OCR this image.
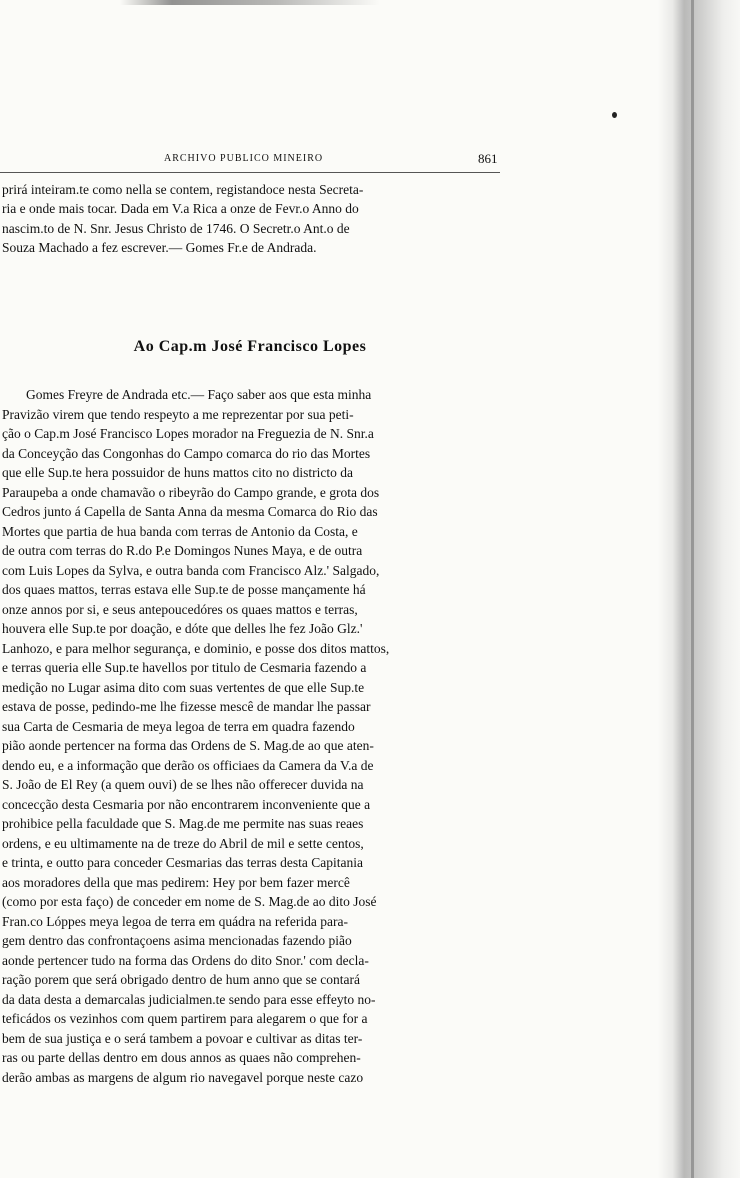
ARCHIVO PUBLICO MINEIRO	861
prirá inteiram.te como nella se contem, registandoce nesta Secreta-
ria e onde mais tocar. Dada em V.a Rica a onze de Fevr.o Anno do
nascim.to de N. Snr. Jesus Christo de 1746. O Secretr.o Ant.o de
Souza Machado a fez escrever.— Gomes Fr.e de Andrada.
Ao Cap.m José Francisco Lopes
Gomes Freyre de Andrada etc.— Faço saber aos que esta minha
Pravizão virem que tendo respeyto a me reprezentar por sua peti-
ção o Cap.m José Francisco Lopes morador na Freguezia de N. Snr.a
da Conceyção das Congonhas do Campo comarca do rio das Mortes
que elle Sup.te hera possuidor de huns mattos cito no districto da
Paraupeba a onde chamavão o ribeyrão do Campo grande, e grota dos
Cedros junto á Capella de Santa Anna da mesma Comarca do Rio das
Mortes que partia de hua banda com terras de Antonio da Costa, e
de outra com terras do R.do P.e Domingos Nunes Maya, e de outra
com Luis Lopes da Sylva, e outra banda com Francisco Alz.' Salgado,
dos quaes mattos, terras estava elle Sup.te de posse mançamente há
onze annos por si, e seus antepoucedóres os quaes mattos e terras,
houvera elle Sup.te por doação, e dóte que delles lhe fez João Glz.'
Lanhozo, e para melhor segurança, e dominio, e posse dos ditos mattos,
e terras queria elle Sup.te havellos por titulo de Cesmaria fazendo a
medição no Lugar asima dito com suas vertentes de que elle Sup.te
estava de posse, pedindo-me lhe fizesse mescê de mandar lhe passar
sua Carta de Cesmaria de meya legoa de terra em quadra fazendo
pião aonde pertencer na forma das Ordens de S. Mag.de ao que aten-
dendo eu, e a informação que derão os officiaes da Camera da V.a de
S. João de El Rey (a quem ouvi) de se lhes não offerecer duvida na
concecção desta Cesmaria por não encontrarem inconveniente que a
prohibice pella faculdade que S. Mag.de me permite nas suas reaes
ordens, e eu ultimamente na de treze do Abril de mil e sette centos,
e trinta, e outto para conceder Cesmarias das terras desta Capitania
aos moradores della que mas pedirem: Hey por bem fazer mercê
(como por esta faço) de conceder em nome de S. Mag.de ao dito José
Fran.co Lóppes meya legoa de terra em quádra na referida para-
gem dentro das confrontaçoens asima mencionadas fazendo pião
aonde pertencer tudo na forma das Ordens do dito Snor.' com decla-
ração porem que será obrigado dentro de hum anno que se contará
da data desta a demarcalas judicialmen.te sendo para esse effeyto no-
teficádos os vezinhos com quem partirem para alegarem o que for a
bem de sua justiça e o será tambem a povoar e cultivar as ditas ter-
ras ou parte dellas dentro em dous annos as quaes não comprehen-
derão ambas as margens de algum rio navegavel porque neste cazo
